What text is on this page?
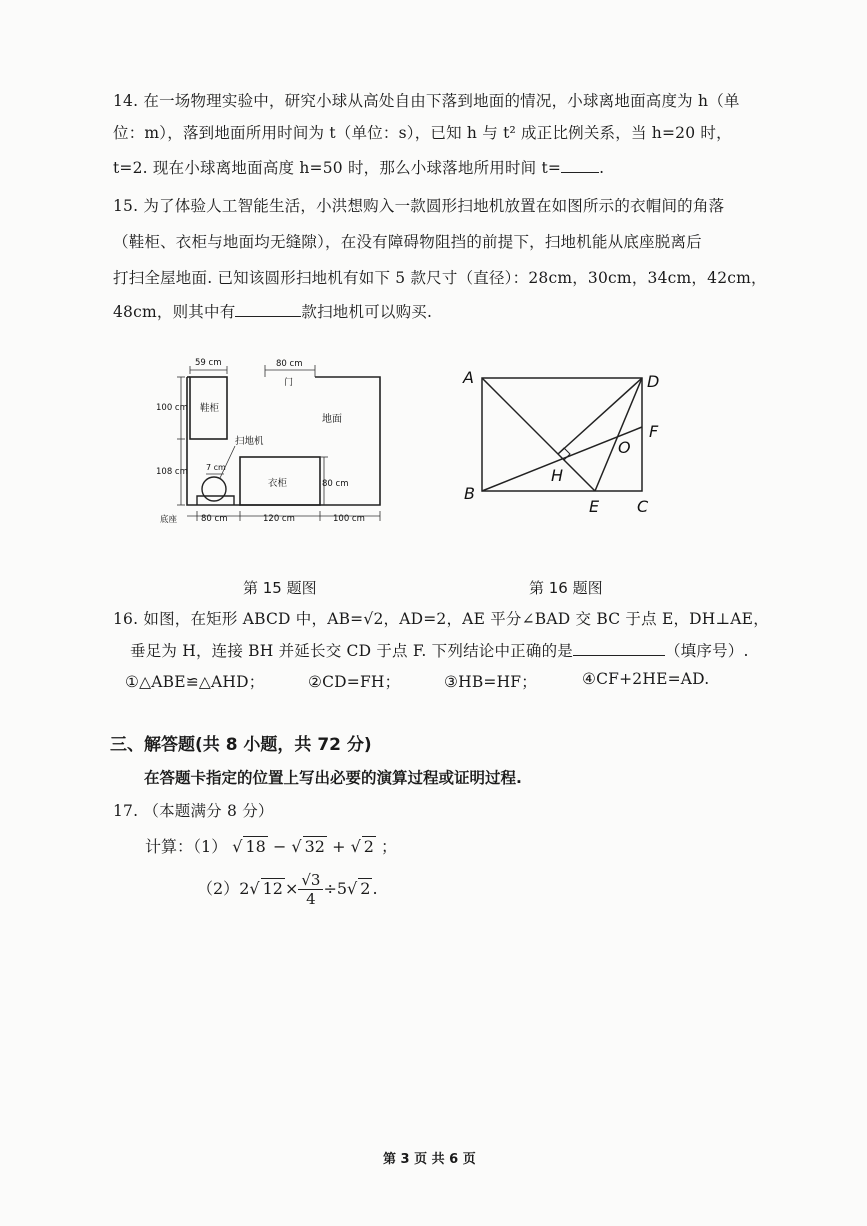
14. 在一场物理实验中，研究小球从高处自由下落到地面的情况，小球离地面高度为 h（单
位：m），落到地面所用时间为 t（单位：s），已知 h 与 t² 成正比例关系，当 h=20 时，
t=2. 现在小球离地面高度 h=50 时，那么小球落地所用时间 t= .
15. 为了体验人工智能生活，小洪想购入一款圆形扫地机放置在如图所示的衣帽间的角落
（鞋柜、衣柜与地面均无缝隙），在没有障碍物阻挡的前提下，扫地机能从底座脱离后
打扫全屋地面. 已知该圆形扫地机有如下 5 款尺寸（直径）：28cm，30cm，34cm，42cm，
48cm，则其中有	款扫地机可以购买.
59 cm	80 cm
门
100 cm 鞋柜
地面
扫地机
108 cm 7 cm
衣柜	80 cm
底座	80 cm	120 cm	100 cm
第 15 题图
A	D
F
O
H
B
E C
第 16 题图
16. 如图，在矩形 ABCD 中，AB=√2，AD=2，AE 平分∠BAD 交 BC 于点 E，DH⊥AE，
垂足为 H，连接 BH 并延长交 CD 于点 F. 下列结论中正确的是	（填序号）.
①△ABE≌△AHD；	②CD=FH；	③HB=HF；	④CF+2HE=AD.
三、解答题(共 8 小题，共 72 分)
在答题卡指定的位置上写出必要的演算过程或证明过程.
17. （本题满分 8 分）
计算：（1） √ 18 − √ 32 + √ 2 ；
（2）2√ $12 \times \frac{√3}{4} \div 5√$ 2 .
第 3 页 共 6 页
